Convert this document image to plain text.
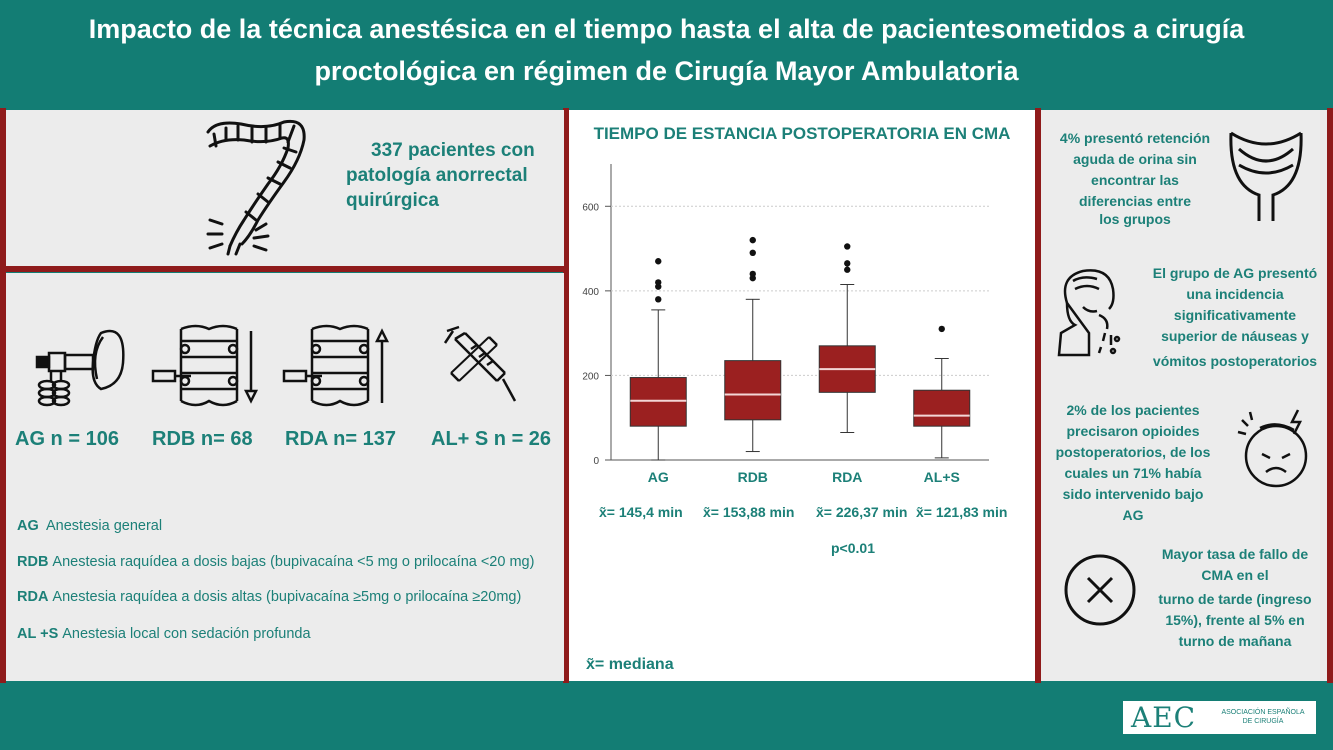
Impacto de la técnica anestésica en el tiempo hasta el alta de pacientesometidos a cirugía
proctológica en régimen de Cirugía Mayor Ambulatoria
337 pacientes con
patología anorrectal
quirúrgica
AG n = 106 RDB n= 68 RDA n= 137 AL+ S n = 26
AG Anestesia general
RDB Anestesia raquídea a dosis bajas (bupivacaína <5 mg o prilocaína <20 mg)
RDA Anestesia raquídea a dosis altas (bupivacaína ≥5mg o prilocaína ≥20mg)
AL +S Anestesia local con sedación profunda
TIEMPO DE ESTANCIA POSTOPERATORIA EN CMA
0
200
400
600
AG	RDB	RDA	AL+S
x̃= 145,4 min x̃= 153,88 min x̃= 226,37 min x̃= 121,83 min
p<0.01
x̃= mediana
4% presentó retención
aguda de orina sin
encontrar las
diferencias entre
los grupos
El grupo de AG presentó
una incidencia
significativamente
superior de náuseas y
vómitos postoperatorios
2% de los pacientes
precisaron opioides
postoperatorios, de los
cuales un 71% había
sido intervenido bajo
AG
Mayor tasa de fallo de
CMA en el
turno de tarde (ingreso
15%), frente al 5% en
turno de mañana
AEC	ASOCIACIÓN ESPAÑOLA
DE CIRUGÍA
